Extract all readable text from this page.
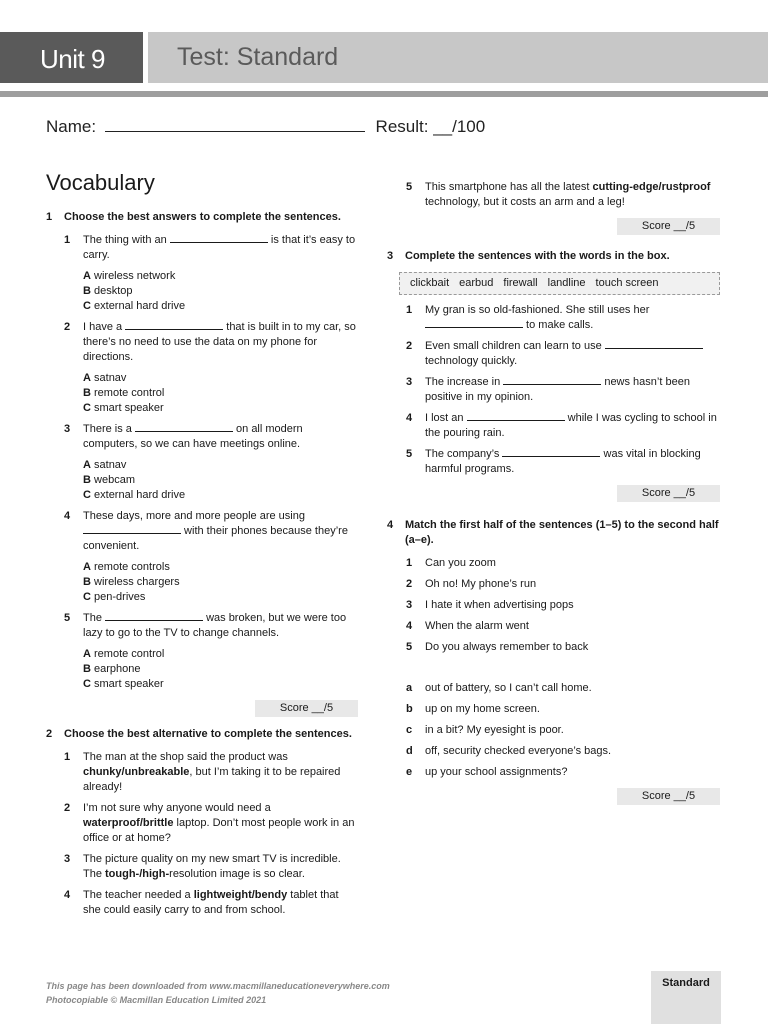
Unit 9	Test: Standard
Name:	Result: __/100
Vocabulary
1	Choose the best answers to complete the sentences.
1	The thing with an	is that it’s easy to carry.
A wireless network
B desktop
C external hard drive
2	I have a	that is built in to my car, so there’s no need to use the data on my phone for directions.
A satnav
B remote control
C smart speaker
3	There is a	on all modern computers, so we can have meetings online.
A satnav
B webcam
C external hard drive
4	These days, more and more people are using  with their phones because they’re convenient.
A remote controls
B wireless chargers
C pen-drives
5	The	was broken, but we were too lazy to go to the TV to change channels.
A remote control
B earphone
C smart speaker
Score __/5
2	Choose the best alternative to complete the sentences.
1	The man at the shop said the product was chunky/unbreakable, but I’m taking it to be repaired already!
2	I’m not sure why anyone would need a waterproof/brittle laptop. Don’t most people work in an office or at home?
3	The picture quality on my new smart TV is incredible. The tough-/high-resolution image is so clear.
4	The teacher needed a lightweight/bendy tablet that she could easily carry to and from school.
5	This smartphone has all the latest cutting-edge/rustproof technology, but it costs an arm and a leg!
Score __/5
3	Complete the sentences with the words in the box.
clickbait earbud firewall landline touch screen
1	My gran is so old-fashioned. She still uses her  to make calls.
2	Even small children can learn to use  technology quickly.
3	The increase in	news hasn’t been positive in my opinion.
4	I lost an	while I was cycling to school in the pouring rain.
5	The company’s	was vital in blocking harmful programs.
Score __/5
4	Match the first half of the sentences (1–5) to the second half (a–e).
1	Can you zoom
2	Oh no! My phone’s run
3	I hate it when advertising pops
4	When the alarm went
5	Do you always remember to back
a	out of battery, so I can’t call home.
b	up on my home screen.
c	in a bit? My eyesight is poor.
d	off, security checked everyone’s bags.
e	up your school assignments?
Score __/5
This page has been downloaded from www.macmillaneducationeverywhere.com
Photocopiable © Macmillan Education Limited 2021
Standard
